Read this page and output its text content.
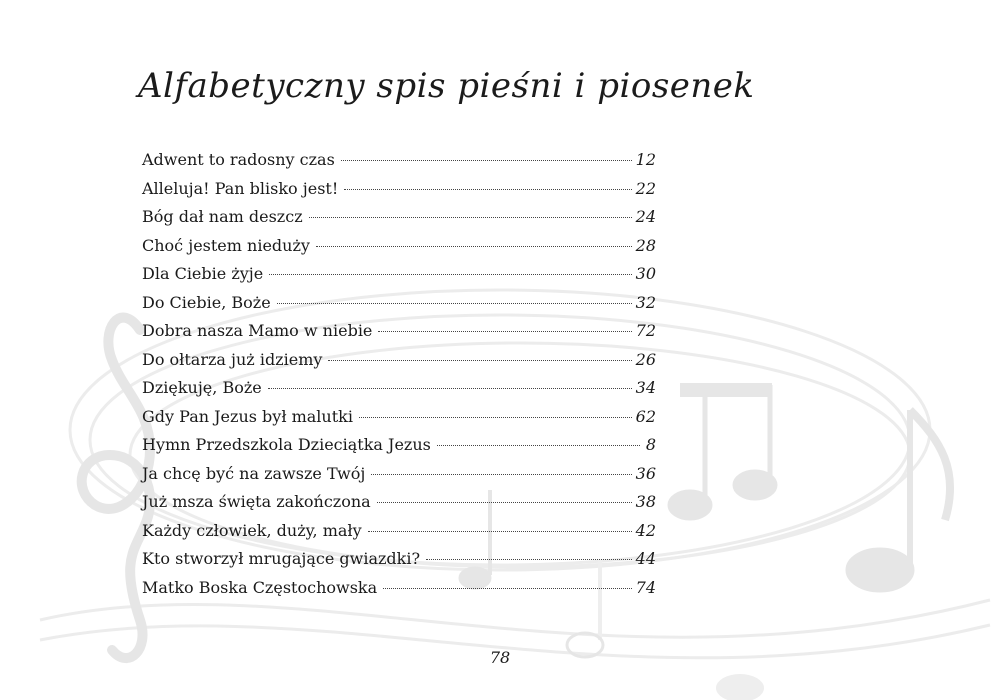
Alfabetyczny spis pieśni i piosenek
Adwent to radosny czas	12
Alleluja! Pan blisko jest!	22
Bóg dał nam deszcz	24
Choć jestem nieduży	28
Dla Ciebie żyje	30
Do Ciebie, Boże	32
Dobra nasza Mamo w niebie	72
Do ołtarza już idziemy	26
Dziękuję, Boże	34
Gdy Pan Jezus był malutki	62
Hymn Przedszkola Dzieciątka Jezus	8
Ja chcę być na zawsze Twój	36
Już msza święta zakończona	38
Każdy człowiek, duży, mały	42
Kto stworzył mrugające gwiazdki?	44
Matko Boska Częstochowska	74
78
